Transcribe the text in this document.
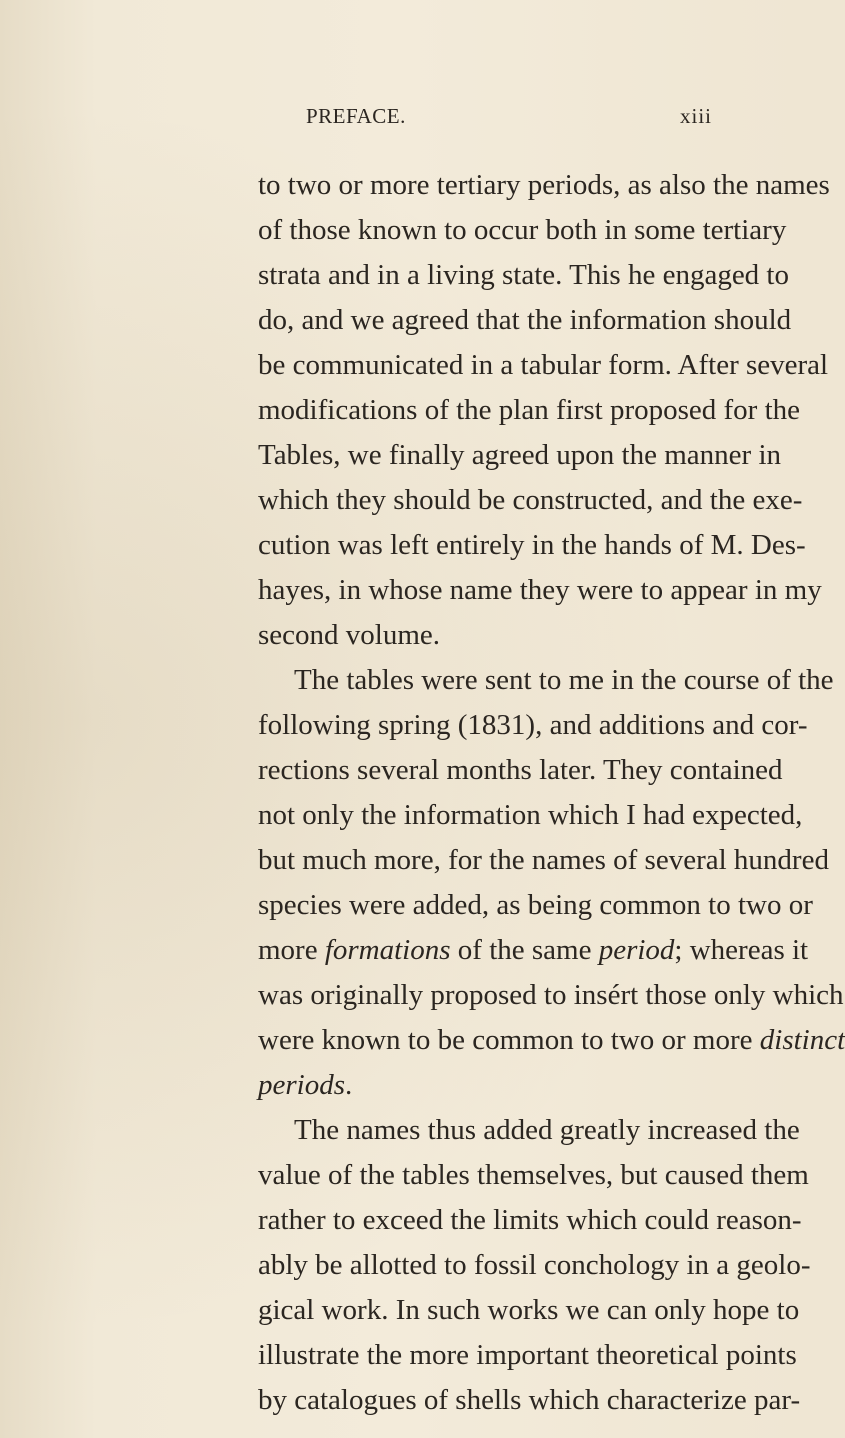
PREFACE.	xiii
to two or more tertiary periods, as also the names
of those known to occur both in some tertiary
strata and in a living state. This he engaged to
do, and we agreed that the information should
be communicated in a tabular form. After several
modifications of the plan first proposed for the
Tables, we finally agreed upon the manner in
which they should be constructed, and the exe-
cution was left entirely in the hands of M. Des-
hayes, in whose name they were to appear in my
second volume.
The tables were sent to me in the course of the
following spring (1831), and additions and cor-
rections several months later. They contained
not only the information which I had expected,
but much more, for the names of several hundred
species were added, as being common to two or
more formations of the same period; whereas it
was originally proposed to insért those only which
were known to be common to two or more distinct
periods.
The names thus added greatly increased the
value of the tables themselves, but caused them
rather to exceed the limits which could reason-
ably be allotted to fossil conchology in a geolo-
gical work. In such works we can only hope to
illustrate the more important theoretical points
by catalogues of shells which characterize par-
